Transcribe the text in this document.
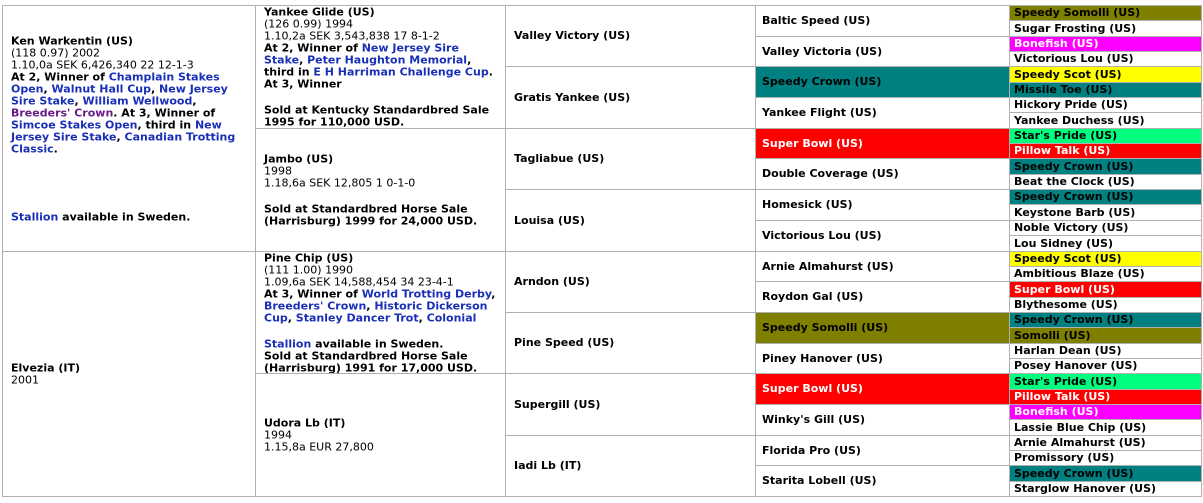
Ken Warkentin (US)
(118 0.97) 2002
1.10,0a SEK 6,426,340 22 12-1-3
At 2, Winner of Champlain Stakes Open, Walnut Hall Cup, New Jersey Sire Stake, William Wellwood, Breeders' Crown. At 3, Winner of Simcoe Stakes Open, third in New Jersey Sire Stake, Canadian Trotting Classic.
Stallion available in Sweden.
Elvezia (IT)
2001
Yankee Glide (US)
(126 0.99) 1994
1.10,2a SEK 3,543,838 17 8-1-2
At 2, Winner of New Jersey Sire Stake, Peter Haughton Memorial, third in E H Harriman Challenge Cup. At 3, Winner
Sold at Kentucky Standardbred Sale 1995 for 110,000 USD.
Jambo (US)
1998
1.18,6a SEK 12,805 1 0-1-0
Sold at Standardbred Horse Sale (Harrisburg) 1999 for 24,000 USD.
Pine Chip (US)
(111 1.00) 1990
1.09,6a SEK 14,588,454 34 23-4-1
At 3, Winner of World Trotting Derby, Breeders' Crown, Historic Dickerson Cup, Stanley Dancer Trot, Colonial
Stallion available in Sweden.
Sold at Standardbred Horse Sale (Harrisburg) 1991 for 17,000 USD.
Udora Lb (IT)
1994
1.15,8a EUR 27,800
Valley Victory (US)
Gratis Yankee (US)
Tagliabue (US)
Louisa (US)
Arndon (US)
Pine Speed (US)
Supergill (US)
Iadi Lb (IT)
Baltic Speed (US)
Valley Victoria (US)
Speedy Crown (US)
Yankee Flight (US)
Super Bowl (US)
Double Coverage (US)
Homesick (US)
Victorious Lou (US)
Arnie Almahurst (US)
Roydon Gal (US)
Speedy Somolli (US)
Piney Hanover (US)
Super Bowl (US)
Winky's Gill (US)
Florida Pro (US)
Starita Lobell (US)
Speedy Somolli (US)
Sugar Frosting (US)
Bonefish (US)
Victorious Lou (US)
Speedy Scot (US)
Missile Toe (US)
Hickory Pride (US)
Yankee Duchess (US)
Star's Pride (US)
Pillow Talk (US)
Speedy Crown (US)
Beat the Clock (US)
Speedy Crown (US)
Keystone Barb (US)
Noble Victory (US)
Lou Sidney (US)
Speedy Scot (US)
Ambitious Blaze (US)
Super Bowl (US)
Blythesome (US)
Speedy Crown (US)
Somolli (US)
Harlan Dean (US)
Posey Hanover (US)
Star's Pride (US)
Pillow Talk (US)
Bonefish (US)
Lassie Blue Chip (US)
Arnie Almahurst (US)
Promissory (US)
Speedy Crown (US)
Starglow Hanover (US)
